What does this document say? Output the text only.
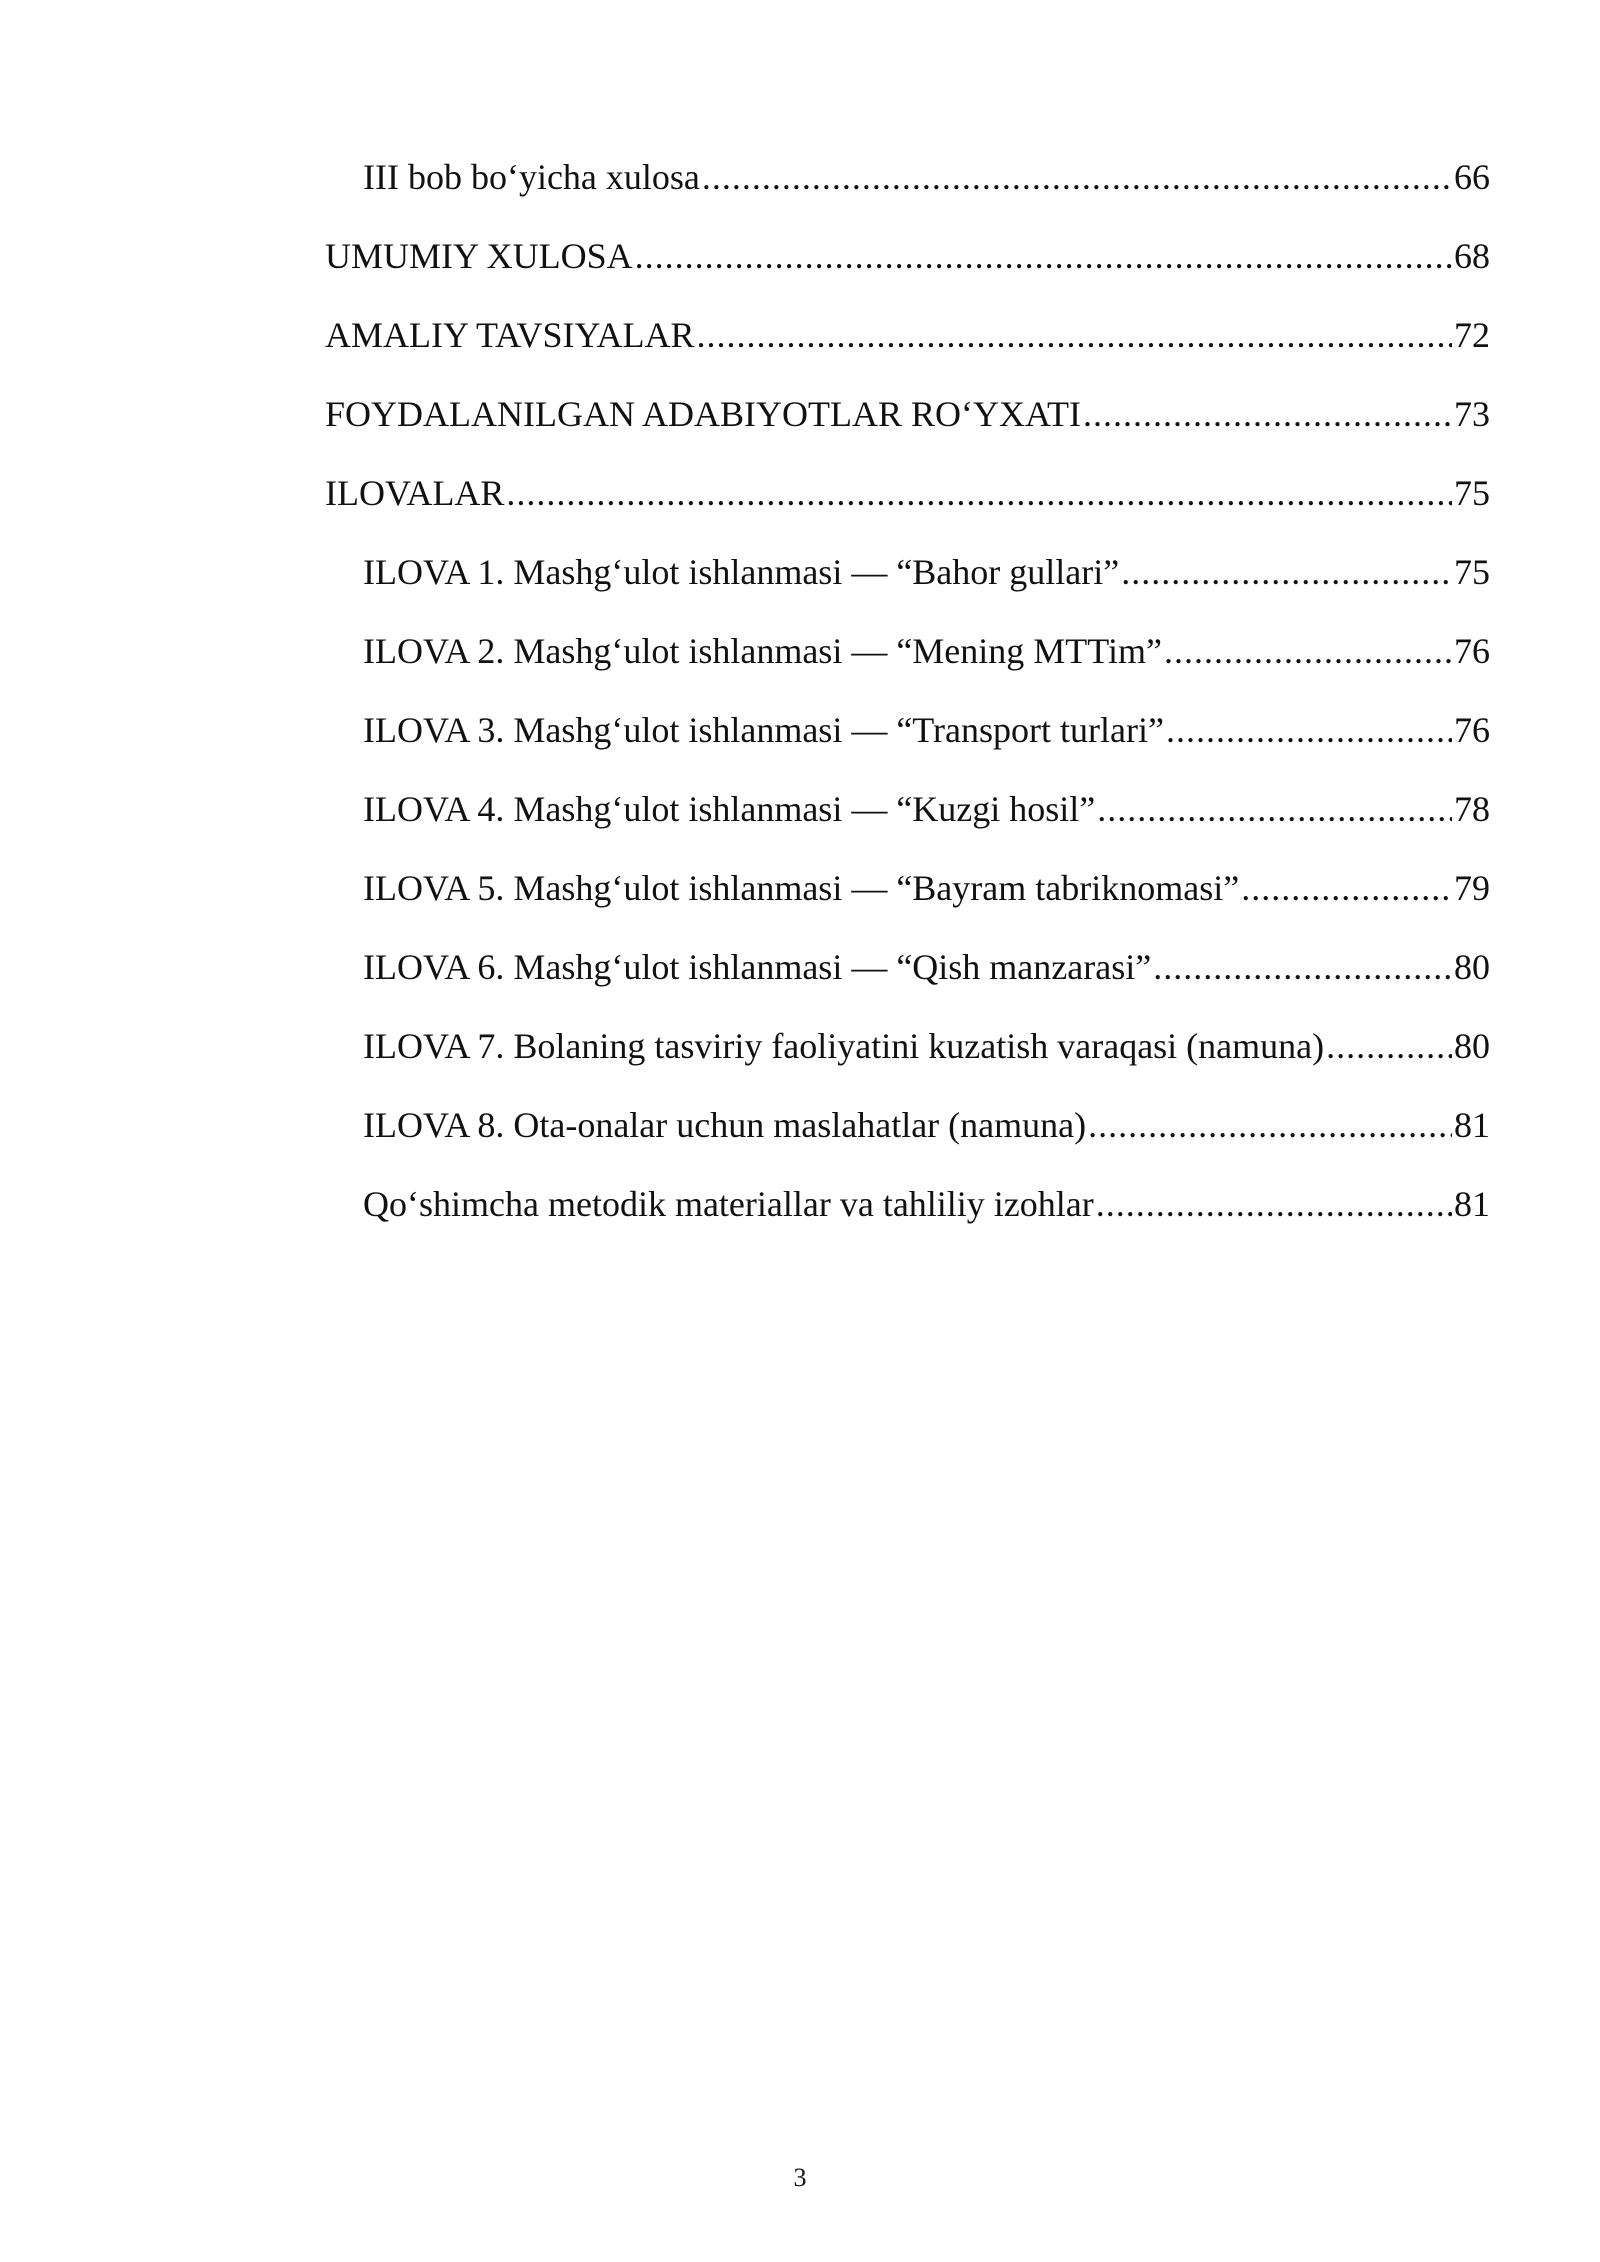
III bob bo‘yicha xulosa .....	66
UMUMIY XULOSA .....	68
AMALIY TAVSIYALAR .....	72
FOYDALANILGAN ADABIYOTLAR RO‘YXATI .....	73
ILOVALAR .....	75
ILOVA 1. Mashg‘ulot ishlanmasi — “Bahor gullari” .....	75
ILOVA 2. Mashg‘ulot ishlanmasi — “Mening MTTim” .....	76
ILOVA 3. Mashg‘ulot ishlanmasi — “Transport turlari” .....	76
ILOVA 4. Mashg‘ulot ishlanmasi — “Kuzgi hosil” .....	78
ILOVA 5. Mashg‘ulot ishlanmasi — “Bayram tabriknomasi” .....	79
ILOVA 6. Mashg‘ulot ishlanmasi — “Qish manzarasi” .....	80
ILOVA 7. Bolaning tasviriy faoliyatini kuzatish varaqasi (namuna) .....	80
ILOVA 8. Ota-onalar uchun maslahatlar (namuna) .....	81
Qo‘shimcha metodik materiallar va tahliliy izohlar .....	81
3
